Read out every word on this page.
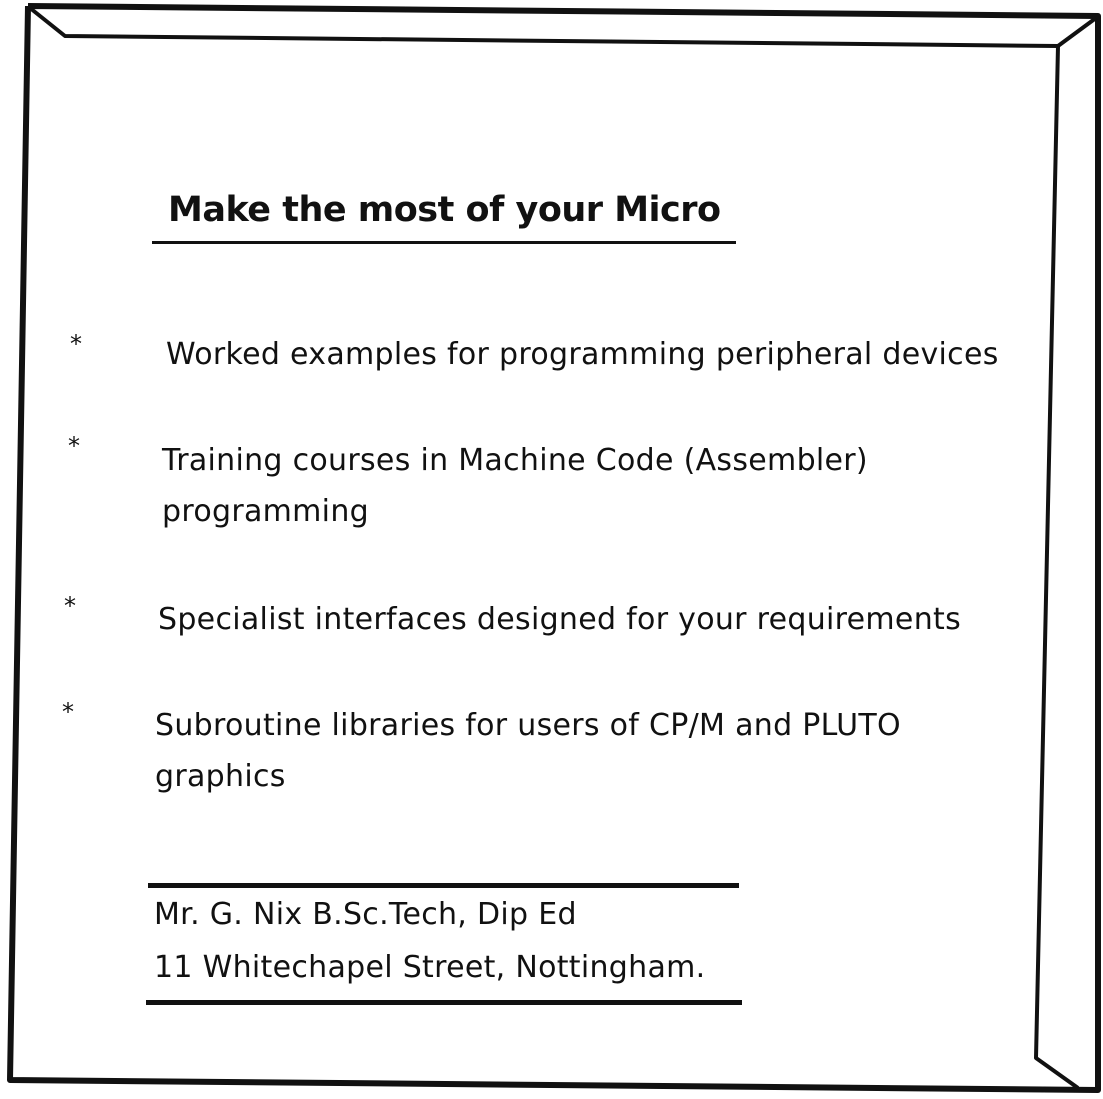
Make the most of your Micro
*	Worked examples for programming peripheral devices
*	Training courses in Machine Code (Assembler)
programming
*	Specialist interfaces designed for your requirements
*	Subroutine libraries for users of CP/M and PLUTO
graphics
Mr. G. Nix B.Sc.Tech, Dip Ed
11 Whitechapel Street, Nottingham.
